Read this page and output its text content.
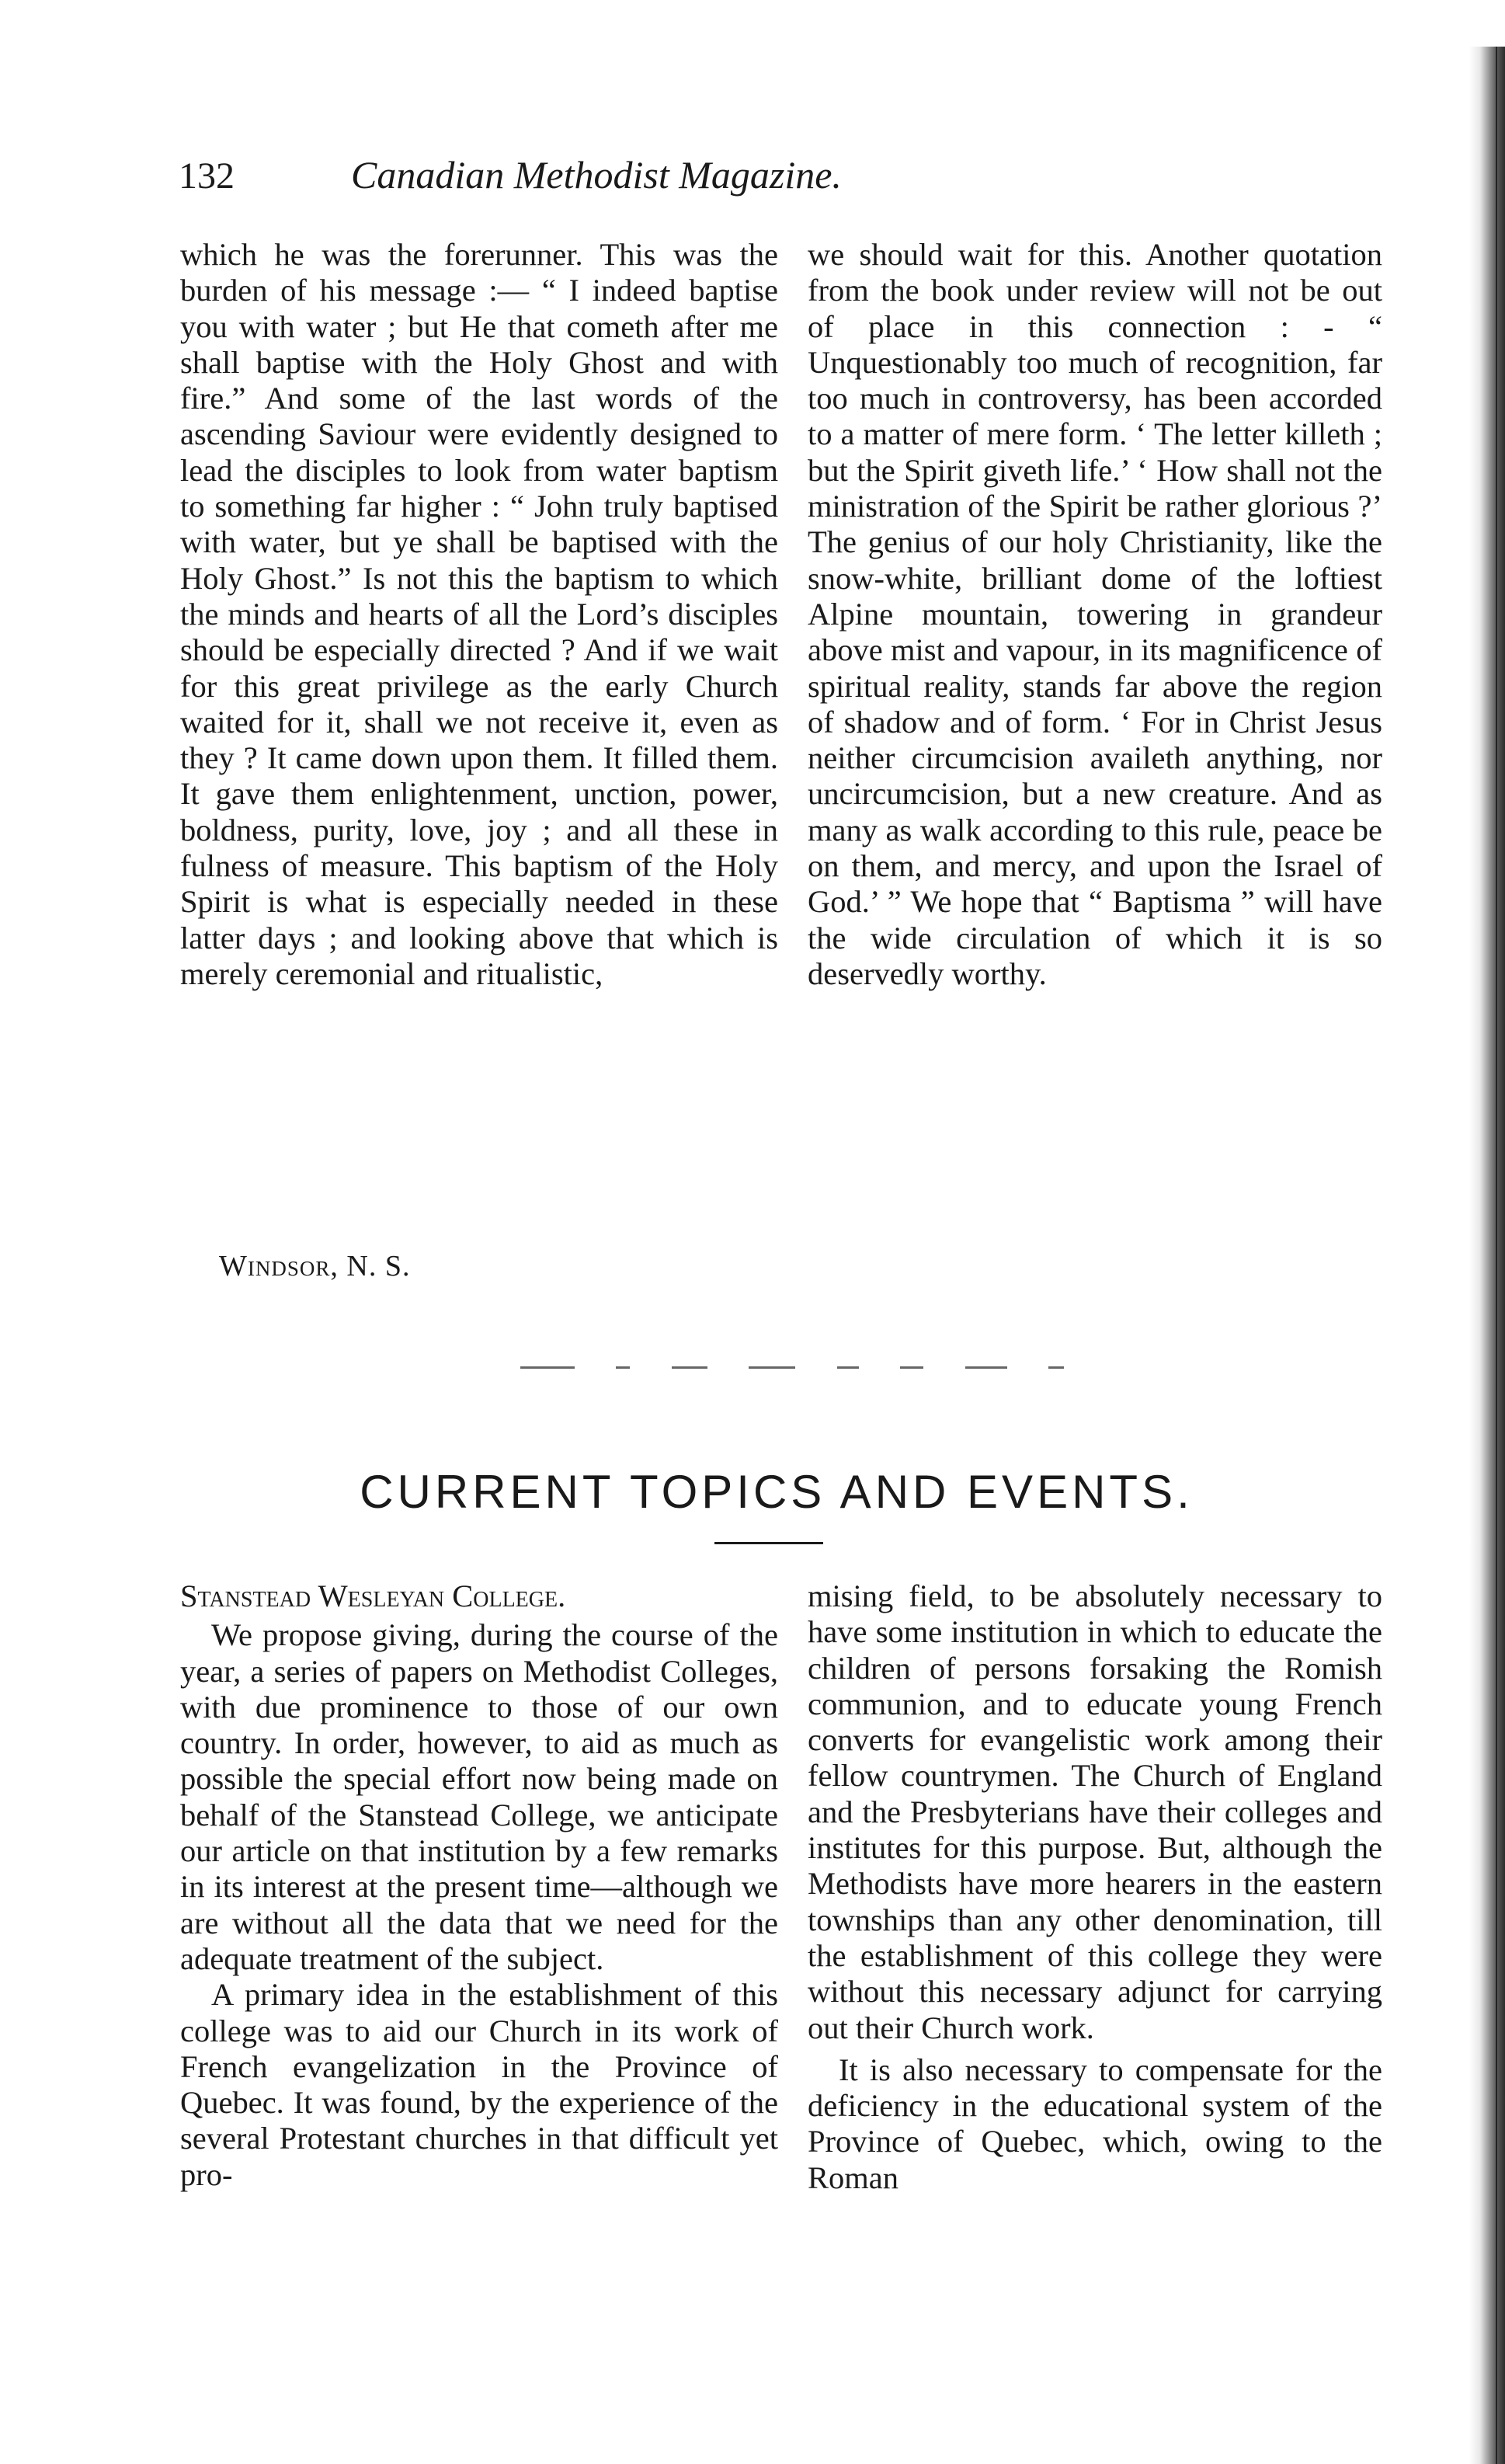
132	Canadian Methodist Magazine.

which he was the forerunner. This was the burden of his message :— “ I indeed baptise you with water ; but He that cometh after me shall baptise with the Holy Ghost and with fire.” And some of the last words of the ascending Saviour were evidently designed to lead the disciples to look from water baptism to something far higher : “ John truly baptised with water, but ye shall be baptised with the Holy Ghost.” Is not this the baptism to which the minds and hearts of all the Lord’s disciples should be especially directed ? And if we wait for this great privilege as the early Church waited for it, shall we not receive it, even as they ? It came down upon them. It filled them. It gave them enlightenment, unction, power, boldness, purity, love, joy ; and all these in fulness of measure. This baptism of the Holy Spirit is what is especially needed in these latter days ; and looking above that which is merely ceremonial and ritualistic,

we should wait for this. Another quotation from the book under review will not be out of place in this connection : - “ Unquestionably too much of recognition, far too much in controversy, has been accorded to a matter of mere form. ‘ The letter killeth ; but the Spirit giveth life.’ ‘ How shall not the ministration of the Spirit be rather glorious ?’ The genius of our holy Christianity, like the snow-white, brilliant dome of the loftiest Alpine mountain, towering in grandeur above mist and vapour, in its magnificence of spiritual reality, stands far above the region of shadow and of form. ‘ For in Christ Jesus neither circumcision availeth anything, nor uncircumcision, but a new creature. And as many as walk according to this rule, peace be on them, and mercy, and upon the Israel of God.’ ” We hope that “ Baptisma ” will have the wide circulation of which it is so deservedly worthy.

Windsor, N. S.
CURRENT TOPICS AND EVENTS.
Stanstead Wesleyan College.

We propose giving, during the course of the year, a series of papers on Methodist Colleges, with due prominence to those of our own country. In order, however, to aid as much as possible the special effort now being made on behalf of the Stanstead College, we anticipate our article on that institution by a few remarks in its interest at the present time—although we are without all the data that we need for the adequate treatment of the subject.

A primary idea in the establishment of this college was to aid our Church in its work of French evangelization in the Province of Quebec. It was found, by the experience of the several Protestant churches in that difficult yet pro-

mising field, to be absolutely necessary to have some institution in which to educate the children of persons forsaking the Romish communion, and to educate young French converts for evangelistic work among their fellow countrymen. The Church of England and the Presbyterians have their colleges and institutes for this purpose. But, although the Methodists have more hearers in the eastern townships than any other denomination, till the establishment of this college they were without this necessary adjunct for carrying out their Church work.

It is also necessary to compensate for the deficiency in the educational system of the Province of Quebec, which, owing to the Roman
